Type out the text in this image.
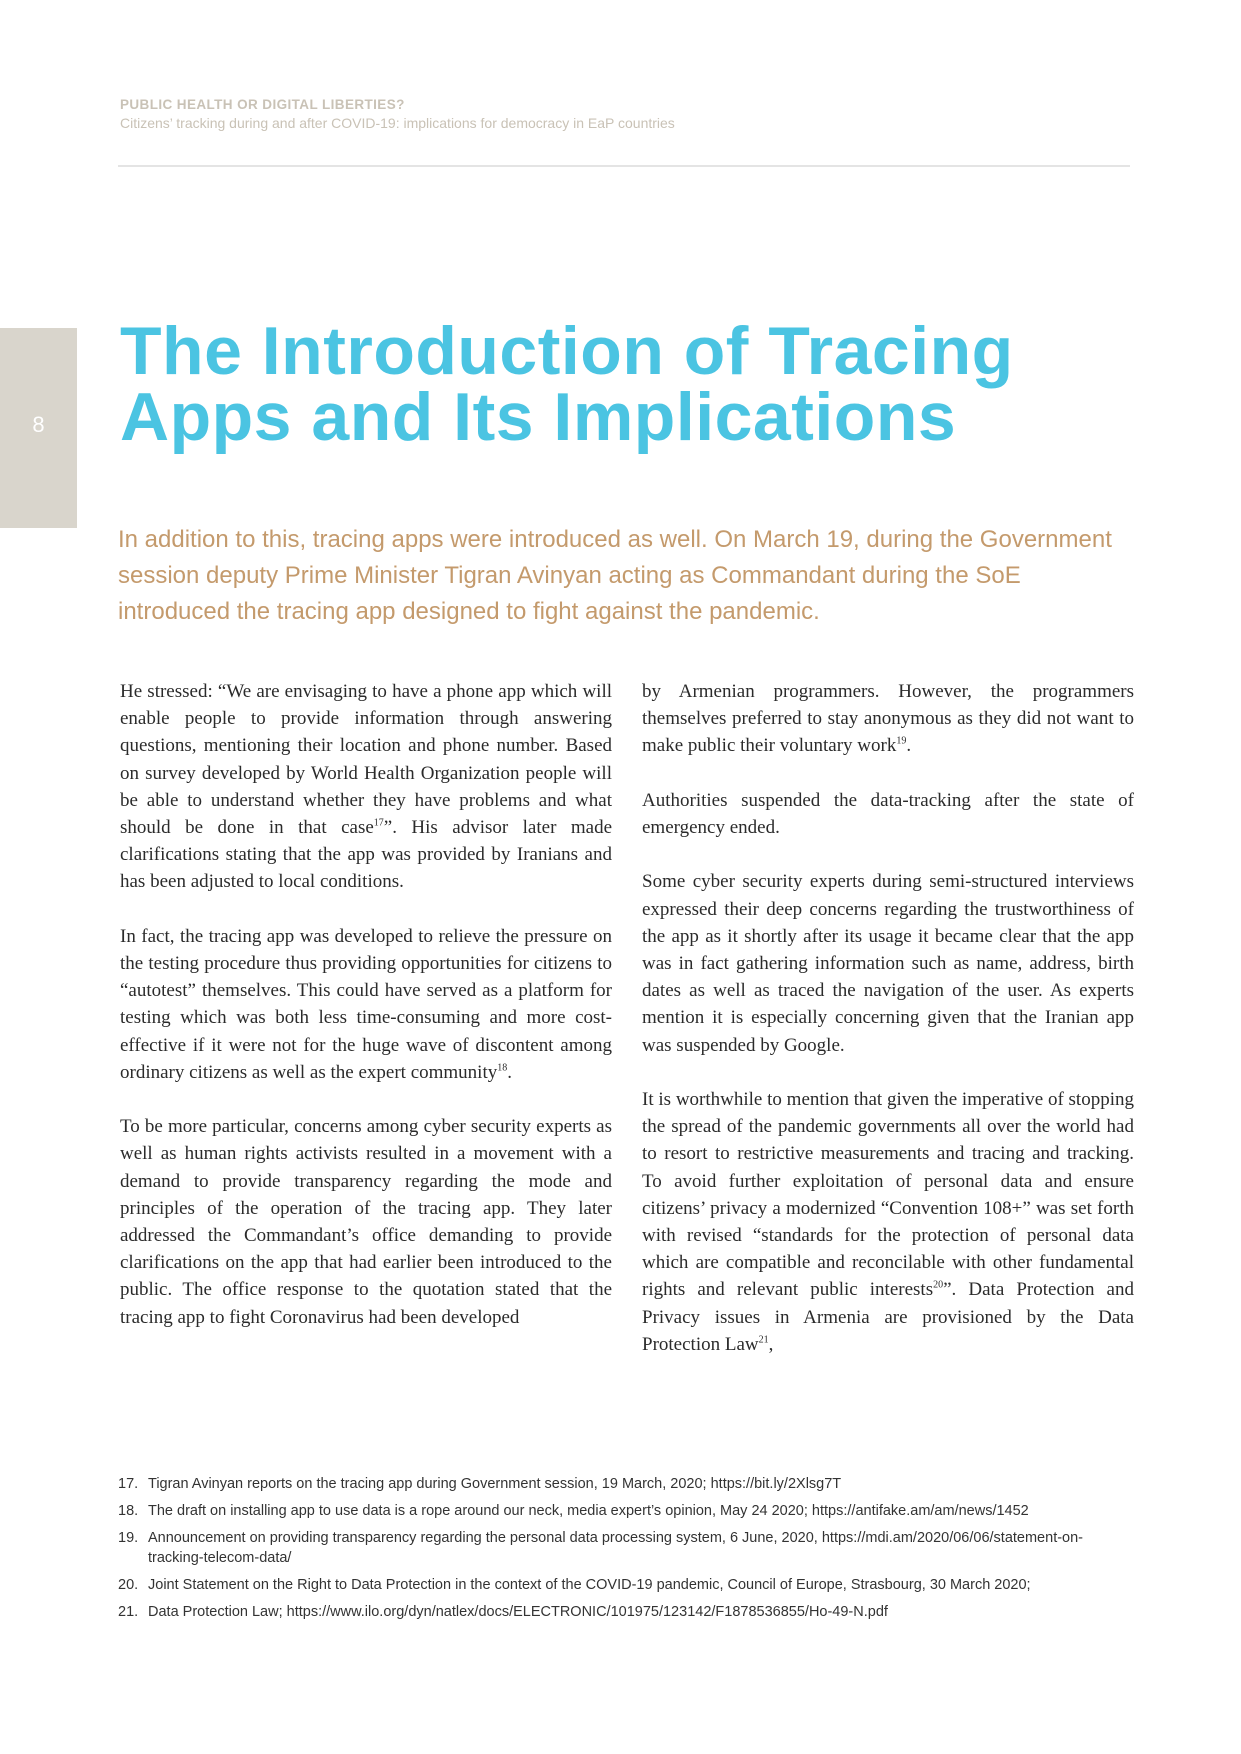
PUBLIC HEALTH OR DIGITAL LIBERTIES?
Citizens’ tracking during and after COVID-19: implications for democracy in EaP countries
8
The Introduction of Tracing
Apps and Its Implications

In addition to this, tracing apps were introduced as well. On March 19, during the Government session deputy Prime Minister Tigran Avinyan acting as Commandant during the SoE introduced the tracing app designed to fight against the pandemic.

He stressed: “We are envisaging to have a phone app which will enable people to provide information through answering questions, mentioning their location and phone number. Based on survey developed by World Health Organization people will be able to understand whether they have problems and what should be done in that case$^{17}$”. His advisor later made clarifications stating that the app was provided by Iranians and has been adjusted to local conditions.

In fact, the tracing app was developed to relieve the pressure on the testing procedure thus providing opportunities for citizens to “autotest” themselves. This could have served as a platform for testing which was both less time-consuming and more cost-effective if it were not for the huge wave of discontent among ordinary citizens as well as the expert community$^{18}$.

To be more particular, concerns among cyber security experts as well as human rights activists resulted in a movement with a demand to provide transparency regarding the mode and principles of the operation of the tracing app. They later addressed the Commandant’s office demanding to provide clarifications on the app that had earlier been introduced to the public. The office response to the quotation stated that the tracing app to fight Coronavirus had been developed

by Armenian programmers. However, the programmers themselves preferred to stay anonymous as they did not want to make public their voluntary work$^{19}$.

Authorities suspended the data-tracking after the state of emergency ended.

Some cyber security experts during semi-structured interviews expressed their deep concerns regarding the trustworthiness of the app as it shortly after its usage it became clear that the app was in fact gathering information such as name, address, birth dates as well as traced the navigation of the user. As experts mention it is especially concerning given that the Iranian app was suspended by Google.

It is worthwhile to mention that given the imperative of stopping the spread of the pandemic governments all over the world had to resort to restrictive measurements and tracing and tracking. To avoid further exploitation of personal data and ensure citizens’ privacy a modernized “Convention 108+” was set forth with revised “standards for the protection of personal data which are compatible and reconcilable with other fundamental rights and relevant public interests$^{20}$”. Data Protection and Privacy issues in Armenia are provisioned by the Data Protection Law$^{21}$,

17. Tigran Avinyan reports on the tracing app during Government session, 19 March, 2020; https://bit.ly/2Xlsg7T
18. The draft on installing app to use data is a rope around our neck, media expert’s opinion, May 24 2020; https://antifake.am/am/news/1452
19. Announcement on providing transparency regarding the personal data processing system, 6 June, 2020, https://mdi.am/2020/06/06/statement-on-tracking-telecom-data/
20. Joint Statement on the Right to Data Protection in the context of the COVID-19 pandemic, Council of Europe, Strasbourg, 30 March 2020;
21. Data Protection Law; https://www.ilo.org/dyn/natlex/docs/ELECTRONIC/101975/123142/F1878536855/Ho-49-N.pdf
